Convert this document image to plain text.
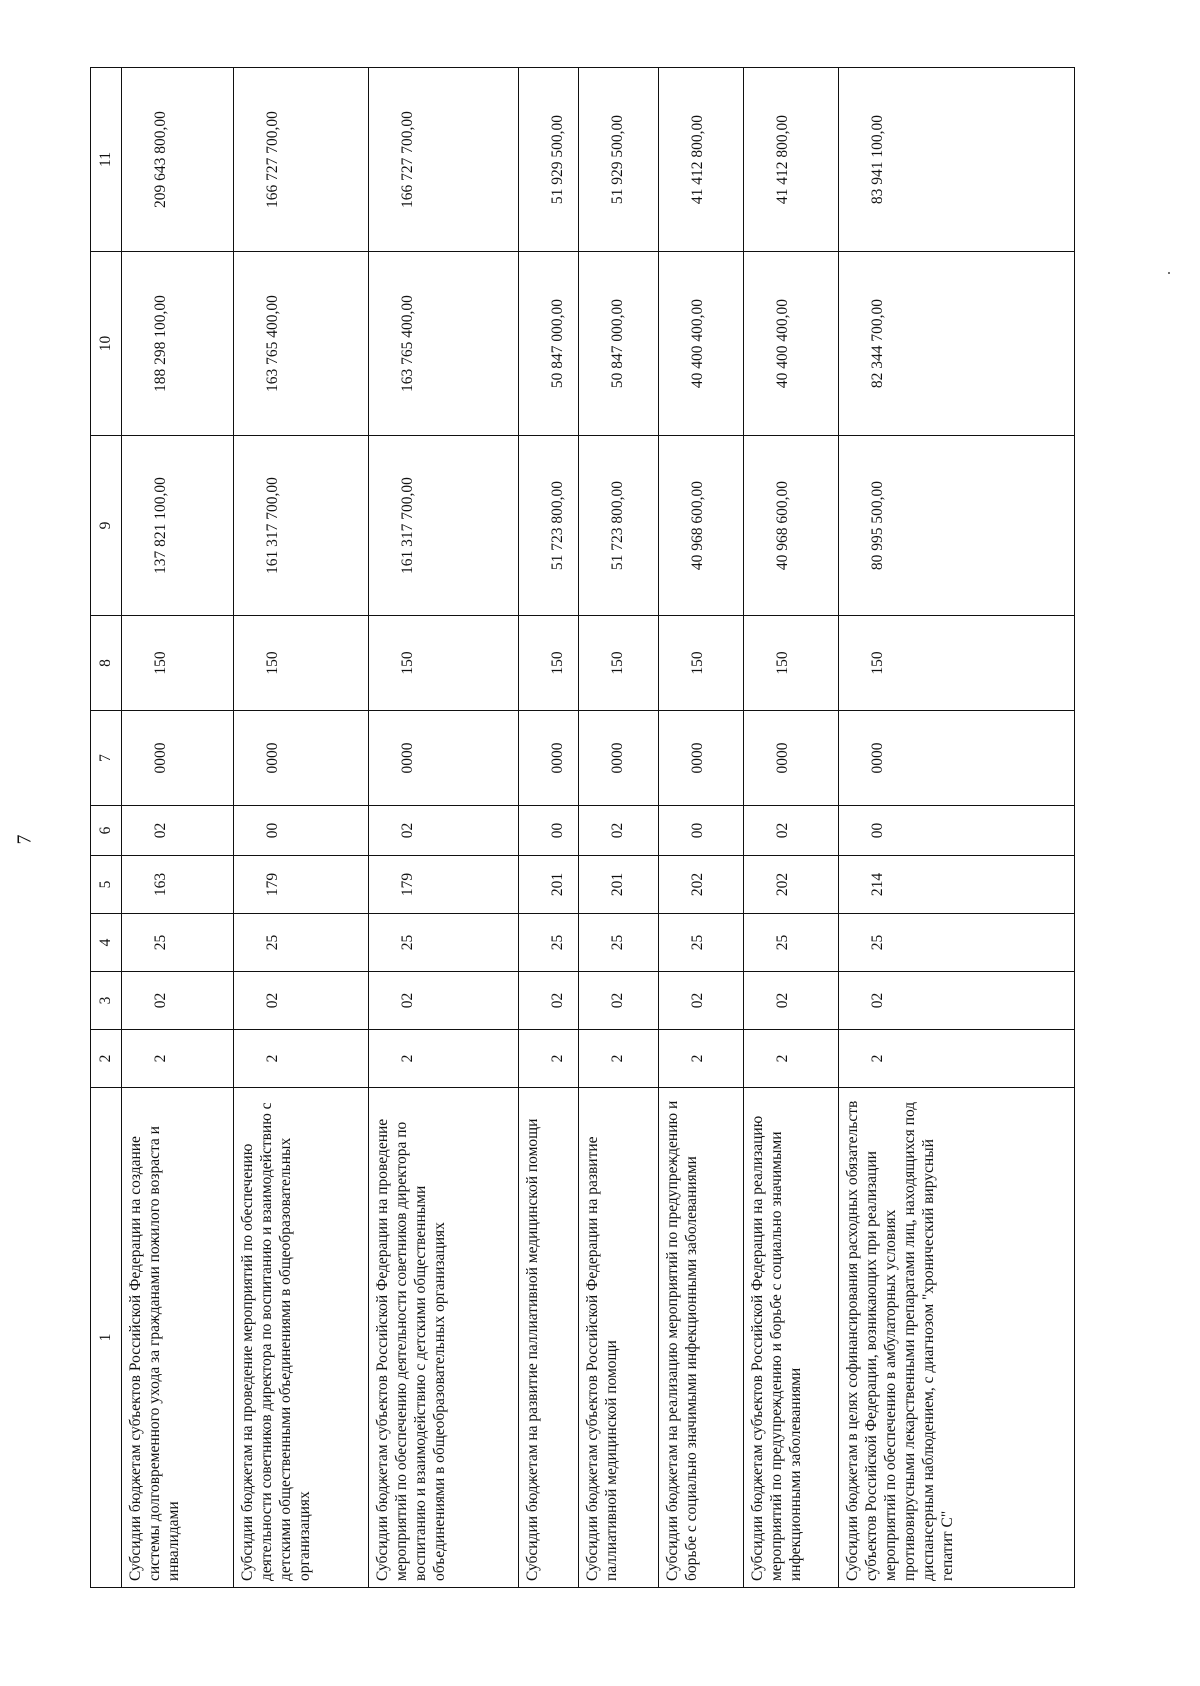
7
1	2	3	4	5	6	7	8	9	10	11
Субсидии бюджетам субъектов Российской Федерации на создание системы долговременного ухода за гражданами пожилого возраста и инвалидами	2	02	25	163	02	0000	150	137 821 100,00	188 298 100,00	209 643 800,00
Субсидии бюджетам на проведение мероприятий по обеспечению деятельности советников директора по воспитанию и взаимодействию с детскими общественными объединениями в общеобразовательных организациях	2	02	25	179	00	0000	150	161 317 700,00	163 765 400,00	166 727 700,00
Субсидии бюджетам субъектов Российской Федерации на проведение мероприятий по обеспечению деятельности советников директора по воспитанию и взаимодействию с детскими общественными объединениями в общеобразовательных организациях	2	02	25	179	02	0000	150	161 317 700,00	163 765 400,00	166 727 700,00
Субсидии бюджетам на развитие паллиативной медицинской помощи	2	02	25	201	00	0000	150	51 723 800,00	50 847 000,00	51 929 500,00
Субсидии бюджетам субъектов Российской Федерации на развитие паллиативной медицинской помощи	2	02	25	201	02	0000	150	51 723 800,00	50 847 000,00	51 929 500,00
Субсидии бюджетам на реализацию мероприятий по предупреждению и борьбе с социально значимыми инфекционными заболеваниями	2	02	25	202	00	0000	150	40 968 600,00	40 400 400,00	41 412 800,00
Субсидии бюджетам субъектов Российской Федерации на реализацию мероприятий по предупреждению и борьбе с социально значимыми инфекционными заболеваниями	2	02	25	202	02	0000	150	40 968 600,00	40 400 400,00	41 412 800,00
Субсидии бюджетам в целях софинансирования расходных обязательств субъектов Российской Федерации, возникающих при реализации мероприятий по обеспечению в амбулаторных условиях противовирусными лекарственными препаратами лиц, находящихся под диспансерным наблюдением, с диагнозом "хронический вирусный гепатит С"	2	02	25	214	00	0000	150	80 995 500,00	82 344 700,00	83 941 100,00
